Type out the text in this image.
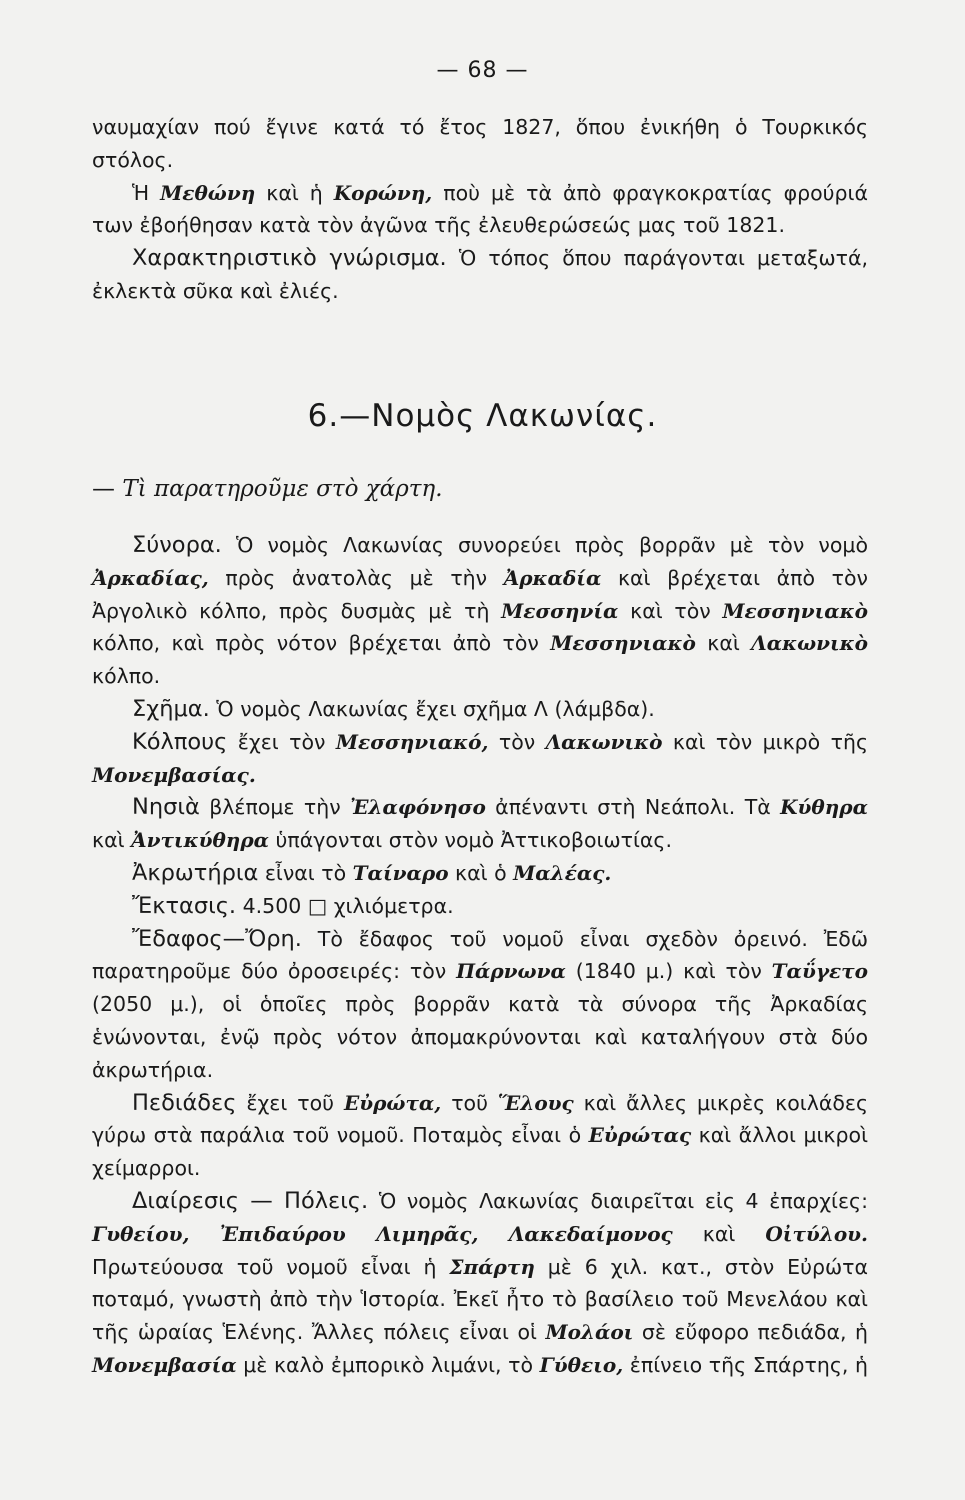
— 68 —

ναυμαχίαν πού ἔγινε κατά τό ἔτος 1827, ὅπου ἐνικήθη ὁ Τουρκικός στόλος.

Ἡ Μεθώνη καὶ ἡ Κορώνη, ποὺ μὲ τὰ ἀπὸ φραγκοκρατίας φρούριά των ἐβοήθησαν κατὰ τὸν ἀγῶνα τῆς ἐλευθερώσεώς μας τοῦ 1821.

Χαρακτηριστικὸ γνώρισμα. Ὁ τόπος ὅπου παράγονται μεταξωτά, ἐκλεκτὰ σῦκα καὶ ἐλιές.

6.—Νομὸς Λακωνίας.
— Τὶ παρατηροῦμε στὸ χάρτη.

Σύνορα. Ὁ νομὸς Λακωνίας συνορεύει πρὸς βορρᾶν μὲ τὸν νομὸ Ἀρκαδίας, πρὸς ἀνατολὰς μὲ τὴν Ἀρκαδία καὶ βρέχεται ἀπὸ τὸν Ἀργολικὸ κόλπο, πρὸς δυσμὰς μὲ τὴ Μεσσηνία καὶ τὸν Μεσσηνιακὸ κόλπο, καὶ πρὸς νότον βρέχεται ἀπὸ τὸν Μεσσηνιακὸ καὶ Λακωνικὸ κόλπο.

Σχῆμα. Ὁ νομὸς Λακωνίας ἔχει σχῆμα Λ (λάμβδα).

Κόλπους ἔχει τὸν Μεσσηνιακό, τὸν Λακωνικὸ καὶ τὸν μικρὸ τῆς Μονεμβασίας.

Νησιὰ βλέπομε τὴν Ἐλαφόνησο ἀπέναντι στὴ Νεάπολι. Τὰ Κύθηρα καὶ Ἀντικύθηρα ὑπάγονται στὸν νομὸ Ἀττικοβοιωτίας.

Ἀκρωτήρια εἶναι τὸ Ταίναρο καὶ ὁ Μαλέας.

Ἔκτασις. 4.500 □ χιλιόμετρα.

Ἔδαφος—Ὄρη. Τὸ ἔδαφος τοῦ νομοῦ εἶναι σχεδὸν ὀρεινό. Ἐδῶ παρατηροῦμε δύο ὀροσειρές: τὸν Πάρνωνα (1840 μ.) καὶ τὸν Ταΰγετο (2050 μ.), οἱ ὁποῖες πρὸς βορρᾶν κατὰ τὰ σύνορα τῆς Ἀρκαδίας ἑνώνονται, ἐνῷ πρὸς νότον ἀπομακρύνονται καὶ καταλήγουν στὰ δύο ἀκρωτήρια.

Πεδιάδες ἔχει τοῦ Εὐρώτα, τοῦ Ἕλους καὶ ἄλλες μικρὲς κοιλάδες γύρω στὰ παράλια τοῦ νομοῦ. Ποταμὸς εἶναι ὁ Εὐρώτας καὶ ἄλλοι μικροὶ χείμαρροι.

Διαίρεσις — Πόλεις. Ὁ νομὸς Λακωνίας διαιρεῖται εἰς 4 ἐπαρχίες: Γυθείου, Ἐπιδαύρου Λιμηρᾶς, Λακεδαίμονος καὶ Οἰτύλου. Πρωτεύουσα τοῦ νομοῦ εἶναι ἡ Σπάρτη μὲ 6 χιλ. κατ., στὸν Εὐρώτα ποταμό, γνωστὴ ἀπὸ τὴν Ἱστορία. Ἐκεῖ ἦτο τὸ βασίλειο τοῦ Μενελάου καὶ τῆς ὡραίας Ἑλένης. Ἄλλες πόλεις εἶναι οἱ Μολάοι σὲ εὔφορο πεδιάδα, ἡ Μονεμβασία μὲ καλὸ ἐμπορικὸ λιμάνι, τὸ Γύθειο, ἐπίνειο τῆς Σπάρτης, ἡ
